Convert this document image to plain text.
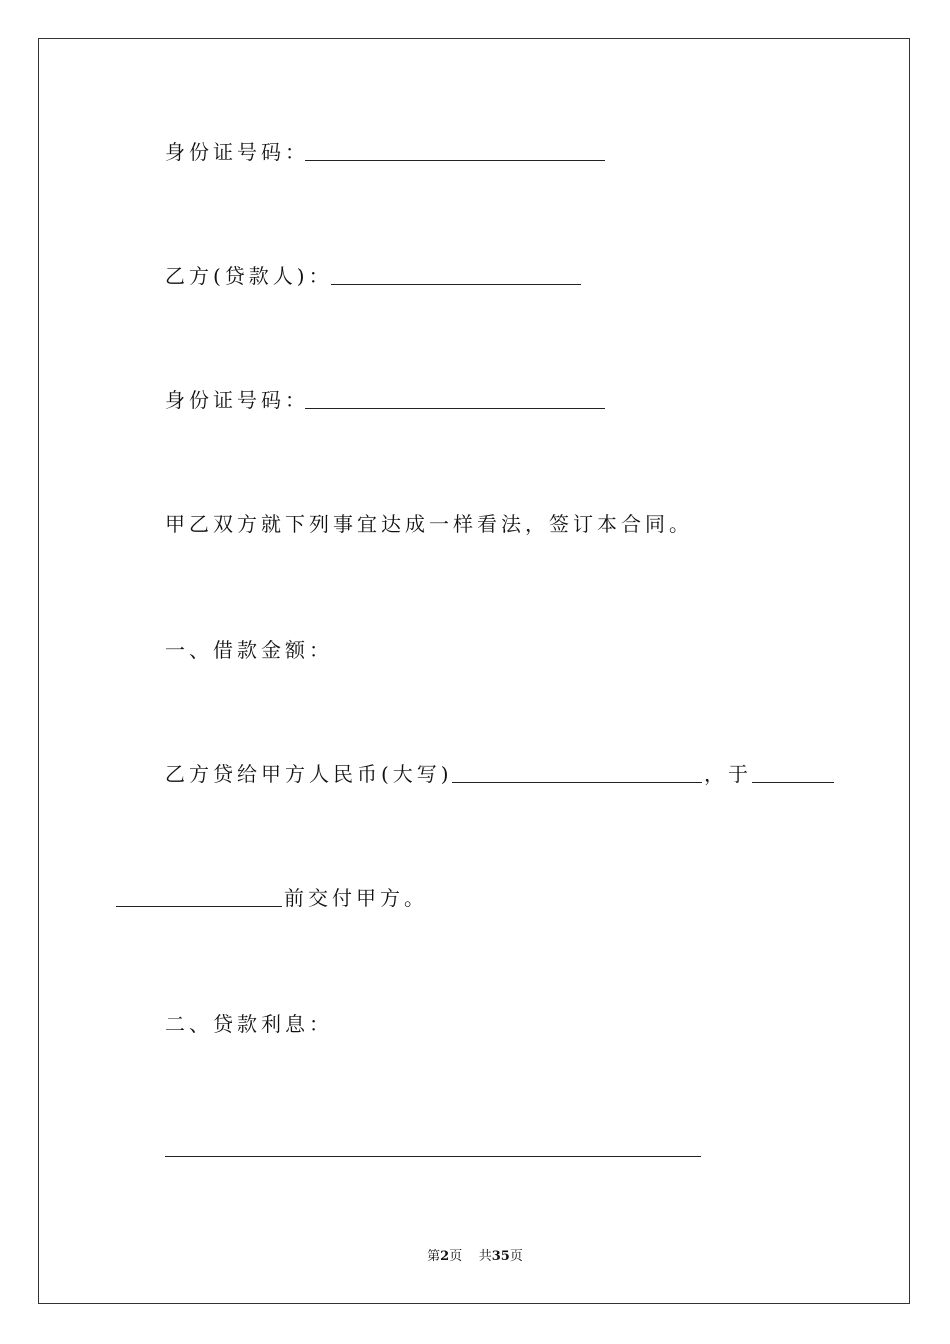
身份证号码：
乙方(贷款人)：
身份证号码：
甲乙双方就下列事宜达成一样看法，签订本合同。
一、借款金额：
乙方贷给甲方人民币(大写)	，于
前交付甲方。
二、贷款利息：
第2页    共35页
